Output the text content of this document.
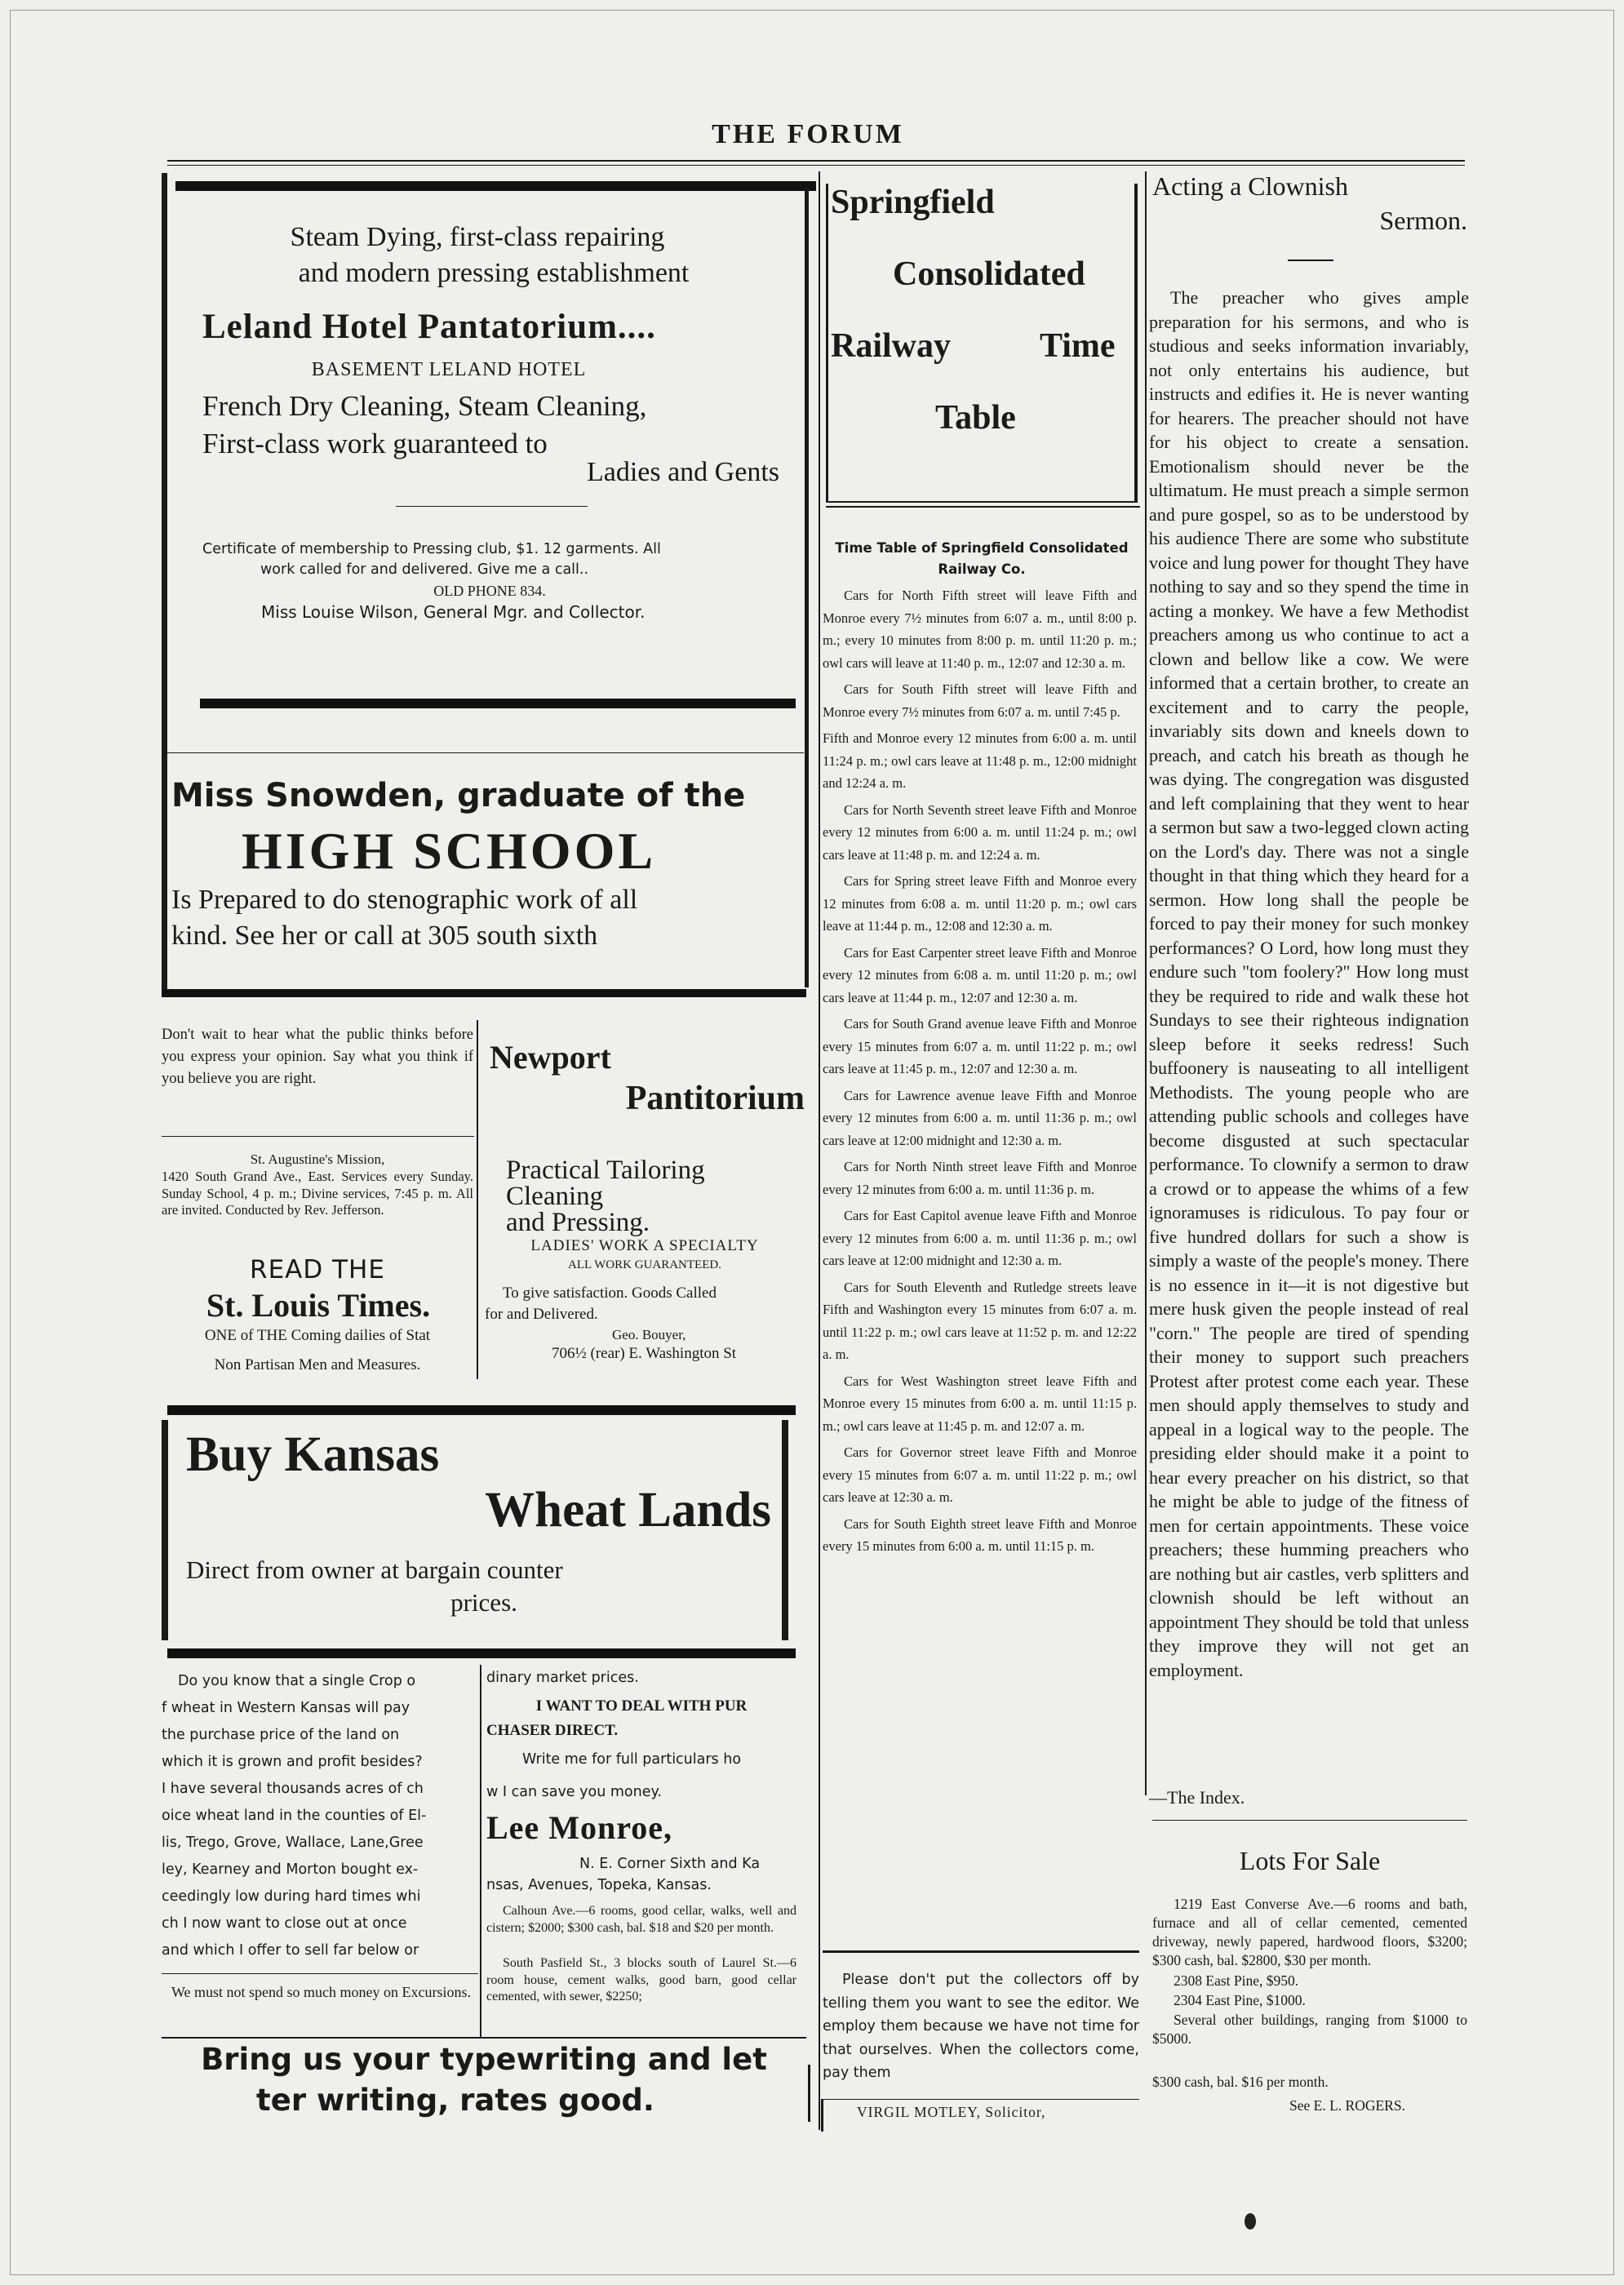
THE FORUM
Steam Dying, first-class repairing
and modern pressing establishment
Leland Hotel Pantatorium....
BASEMENT LELAND HOTEL
French Dry Cleaning, Steam Cleaning,
First-class work guaranteed to
Ladies and Gents
Certificate of membership to Pressing club, $1. 12 garments. All
work called for and delivered. Give me a call..
OLD PHONE 834.
Miss Louise Wilson, General Mgr. and Collector.
Miss Snowden, graduate of the
HIGH SCHOOL
Is Prepared to do stenographic work of all
kind. See her or call at 305 south sixth
Don't wait to hear what the public thinks before you express your opinion. Say what you think if you believe you are right.
St. Augustine's Mission,
1420 South Grand Ave., East. Services every Sunday. Sunday School, 4 p. m.; Divine services, 7:45 p. m. All are invited. Conducted by Rev. Jefferson.
READ THE
St. Louis Times.
ONE of THE Coming dailies of Stat
Non Partisan Men and Measures.
Newport
Pantitorium
Practical Tailoring
Cleaning
and Pressing.
LADIES' WORK A SPECIALTY
ALL WORK GUARANTEED.
To give satisfaction. Goods Called
for and Delivered.
Geo. Bouyer,
706½ (rear) E. Washington St
Buy Kansas
Wheat Lands
Direct from owner at bargain counter
prices.
Do you know that a single Crop o
f wheat in Western Kansas will pay
the purchase price of the land on
which it is grown and profit besides?
I have several thousands acres of ch
oice wheat land in the counties of El-
lis, Trego, Grove, Wallace, Lane,Gree
ley, Kearney and Morton bought ex-
ceedingly low during hard times whi
ch I now want to close out at once
and which I offer to sell far below or
dinary market prices.
I WANT TO DEAL WITH PUR
CHASER DIRECT.
Write me for full particulars ho
w I can save you money.
Lee Monroe,
N. E. Corner Sixth and Ka
nsas, Avenues, Topeka, Kansas.
Calhoun Ave.—6 rooms, good cellar, walks, well and cistern; $2000; $300 cash, bal. $18 and $20 per month.
South Pasfield St., 3 blocks south of Laurel St.—6 room house, cement walks, good barn, good cellar cemented, with sewer, $2250;
We must not spend so much money on Excursions.
Bring us your typewriting and let
ter writing, rates good.
Springfield
Consolidated
Railway	Time
Table
Time Table of Springfield Consolidated
Railway Co.

Cars for North Fifth street will leave Fifth and Monroe every 7½ minutes from 6:07 a. m., until 8:00 p. m.; every 10 minutes from 8:00 p. m. until 11:20 p. m.; owl cars will leave at 11:40 p. m., 12:07 and 12:30 a. m.

Cars for South Fifth street will leave Fifth and Monroe every 7½ minutes from 6:07 a. m. until 7:45 p.

Fifth and Monroe every 12 minutes from 6:00 a. m. until 11:24 p. m.; owl cars leave at 11:48 p. m., 12:00 midnight and 12:24 a. m.

Cars for North Seventh street leave Fifth and Monroe every 12 minutes from 6:00 a. m. until 11:24 p. m.; owl cars leave at 11:48 p. m. and 12:24 a. m.

Cars for Spring street leave Fifth and Monroe every 12 minutes from 6:08 a. m. until 11:20 p. m.; owl cars leave at 11:44 p. m., 12:08 and 12:30 a. m.

Cars for East Carpenter street leave Fifth and Monroe every 12 minutes from 6:08 a. m. until 11:20 p. m.; owl cars leave at 11:44 p. m., 12:07 and 12:30 a. m.

Cars for South Grand avenue leave Fifth and Monroe every 15 minutes from 6:07 a. m. until 11:22 p. m.; owl cars leave at 11:45 p. m., 12:07 and 12:30 a. m.

Cars for Lawrence avenue leave Fifth and Monroe every 12 minutes from 6:00 a. m. until 11:36 p. m.; owl cars leave at 12:00 midnight and 12:30 a. m.

Cars for North Ninth street leave Fifth and Monroe every 12 minutes from 6:00 a. m. until 11:36 p. m.

Cars for East Capitol avenue leave Fifth and Monroe every 12 minutes from 6:00 a. m. until 11:36 p. m.; owl cars leave at 12:00 midnight and 12:30 a. m.

Cars for South Eleventh and Rutledge streets leave Fifth and Washington every 15 minutes from 6:07 a. m. until 11:22 p. m.; owl cars leave at 11:52 p. m. and 12:22 a. m.

Cars for West Washington street leave Fifth and Monroe every 15 minutes from 6:00 a. m. until 11:15 p. m.; owl cars leave at 11:45 p. m. and 12:07 a. m.

Cars for Governor street leave Fifth and Monroe every 15 minutes from 6:07 a. m. until 11:22 p. m.; owl cars leave at 12:30 a. m.

Cars for South Eighth street leave Fifth and Monroe every 15 minutes from 6:00 a. m. until 11:15 p. m.

Please don't put the collectors off by telling them you want to see the editor. We employ them because we have not time for that ourselves. When the collectors come, pay them
VIRGIL MOTLEY, Solicitor,
Acting a Clownish
Sermon.
The preacher who gives ample preparation for his sermons, and who is studious and seeks information invariably, not only entertains his audience, but instructs and edifies it. He is never wanting for hearers. The preacher should not have for his object to create a sensation. Emotionalism should never be the ultimatum. He must preach a simple sermon and pure gospel, so as to be understood by his audience There are some who substitute voice and lung power for thought They have nothing to say and so they spend the time in acting a monkey. We have a few Methodist preachers among us who continue to act a clown and bellow like a cow. We were informed that a certain brother, to create an excitement and to carry the people, invariably sits down and kneels down to preach, and catch his breath as though he was dying. The congregation was disgusted and left complaining that they went to hear a sermon but saw a two-legged clown acting on the Lord's day. There was not a single thought in that thing which they heard for a sermon. How long shall the people be forced to pay their money for such monkey performances? O Lord, how long must they endure such "tom foolery?" How long must they be required to ride and walk these hot Sundays to see their righteous indignation sleep before it seeks redress! Such buffoonery is nauseating to all intelligent Methodists. The young people who are attending public schools and colleges have become disgusted at such spectacular performance. To clownify a sermon to draw a crowd or to appease the whims of a few ignoramuses is ridiculous. To pay four or five hundred dollars for such a show is simply a waste of the people's money. There is no essence in it—it is not digestive but mere husk given the people instead of real "corn." The people are tired of spending their money to support such preachers Protest after protest come each year. These men should apply themselves to study and appeal in a logical way to the people. The presiding elder should make it a point to hear every preacher on his district, so that he might be able to judge of the fitness of men for certain appointments. These voice preachers; these humming preachers who are nothing but air castles, verb splitters and clownish should be left without an appointment They should be told that unless they improve they will not get an employment.
—The Index.
Lots For Sale
1219 East Converse Ave.—6 rooms and bath, furnace and all of cellar cemented, cemented driveway, newly papered, hardwood floors, $3200; $300 cash, bal. $2800, $30 per month.
2308 East Pine, $950.
2304 East Pine, $1000.
Several other buildings, ranging from $1000 to $5000.
$300 cash, bal. $16 per month.
See E. L. ROGERS.
